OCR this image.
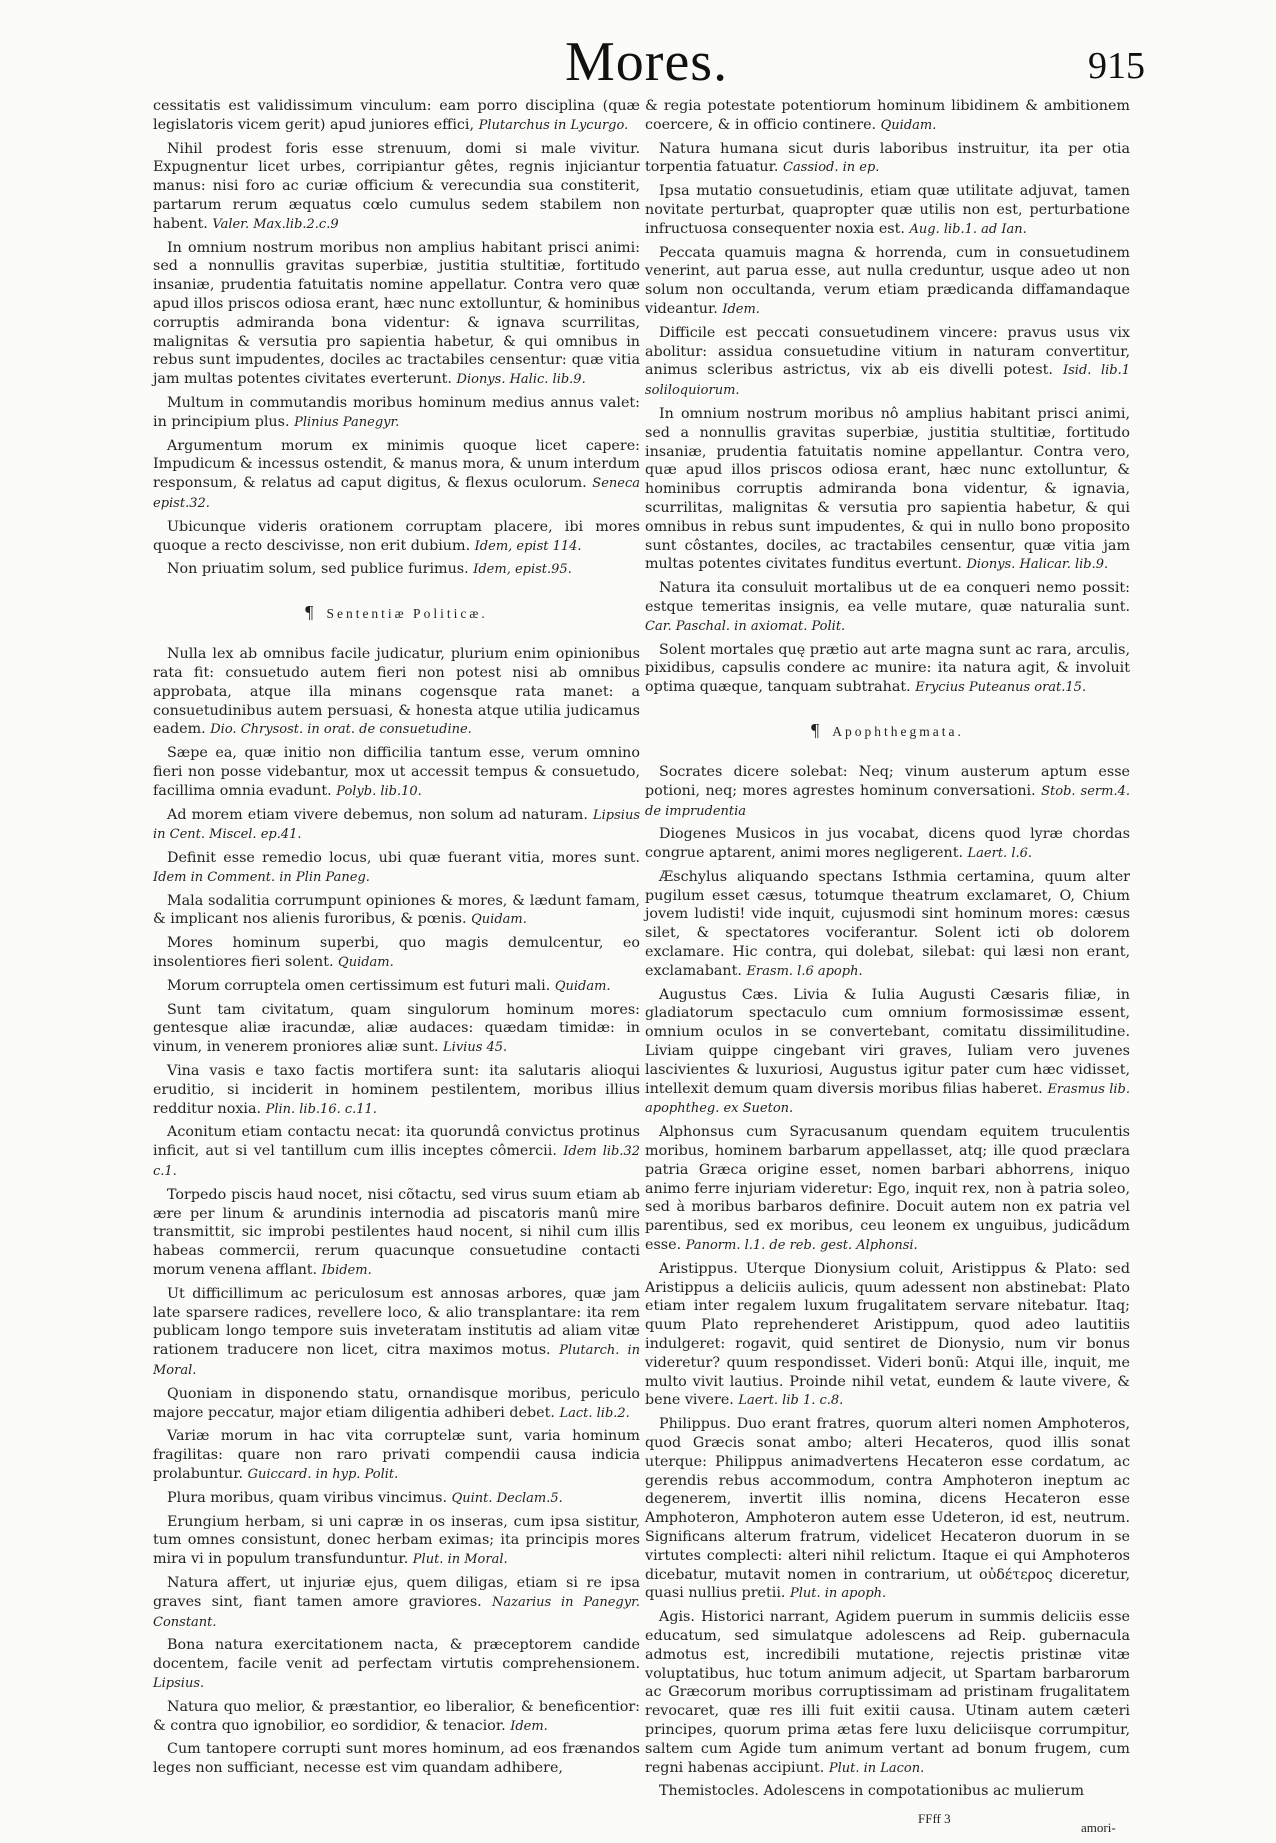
Mores.	915

cessitatis est validissimum vinculum: eam porro disciplina (quæ legislatoris vicem gerit) apud juniores effici, Plutarchus in Lycurgo.

Nihil prodest foris esse strenuum, domi si male vivitur. Expugnentur licet urbes, corripiantur gêtes, regnis injiciantur manus: nisi foro ac curiæ officium & verecundia sua constiterit, partarum rerum æquatus cœlo cumulus sedem stabilem non habent. Valer. Max.lib.2.c.9

In omnium nostrum moribus non amplius habitant prisci animi: sed a nonnullis gravitas superbiæ, justitia stultitiæ, fortitudo insaniæ, prudentia fatuitatis nomine appellatur. Contra vero quæ apud illos priscos odiosa erant, hæc nunc extolluntur, & hominibus corruptis admiranda bona videntur: & ignava scurrilitas, malignitas & versutia pro sapientia habetur, & qui omnibus in rebus sunt impudentes, dociles ac tractabiles censentur: quæ vitia jam multas potentes civitates everterunt. Dionys. Halic. lib.9.

Multum in commutandis moribus hominum medius annus valet: in principium plus. Plinius Panegyr.

Argumentum morum ex minimis quoque licet capere: Impudicum & incessus ostendit, & manus mora, & unum interdum responsum, & relatus ad caput digitus, & flexus oculorum. Seneca epist.32.

Ubicunque videris orationem corruptam placere, ibi mores quoque a recto descivisse, non erit dubium. Idem, epist 114.

Non priuatim solum, sed publice furimus. Idem, epist.95.

¶ Sententiæ Politicæ.

Nulla lex ab omnibus facile judicatur, plurium enim opinionibus rata fit: consuetudo autem fieri non potest nisi ab omnibus approbata, atque illa minans cogensque rata manet: a consuetudinibus autem persuasi, & honesta atque utilia judicamus eadem. Dio. Chrysost. in orat. de consuetudine.

Sæpe ea, quæ initio non difficilia tantum esse, verum omnino fieri non posse videbantur, mox ut accessit tempus & consuetudo, facillima omnia evadunt. Polyb. lib.10.

Ad morem etiam vivere debemus, non solum ad naturam. Lipsius in Cent. Miscel. ep.41.

Definit esse remedio locus, ubi quæ fuerant vitia, mores sunt. Idem in Comment. in Plin Paneg.

Mala sodalitia corrumpunt opiniones & mores, & lædunt famam, & implicant nos alienis furoribus, & pœnis. Quidam.

Mores hominum superbi, quo magis demulcentur, eo insolentiores fieri solent. Quidam.

Morum corruptela omen certissimum est futuri mali. Quidam.

Sunt tam civitatum, quam singulorum hominum mores: gentesque aliæ iracundæ, aliæ audaces: quædam timidæ: in vinum, in venerem proniores aliæ sunt. Livius 45.

Vina vasis e taxo factis mortifera sunt: ita salutaris alioqui eruditio, si inciderit in hominem pestilentem, moribus illius redditur noxia. Plin. lib.16. c.11.

Aconitum etiam contactu necat: ita quorundâ convictus protinus inficit, aut si vel tantillum cum illis inceptes cômercii. Idem lib.32 c.1.

Torpedo piscis haud nocet, nisi cõtactu, sed virus suum etiam ab ære per linum & arundinis internodia ad piscatoris manû mire transmittit, sic improbi pestilentes haud nocent, si nihil cum illis habeas commercii, rerum quacunque consuetudine contacti morum venena afflant. Ibidem.

Ut difficillimum ac periculosum est annosas arbores, quæ jam late sparsere radices, revellere loco, & alio transplantare: ita rem publicam longo tempore suis inveteratam institutis ad aliam vitæ rationem traducere non licet, citra maximos motus. Plutarch. in Moral.

Quoniam in disponendo statu, ornandisque moribus, periculo majore peccatur, major etiam diligentia adhiberi debet. Lact. lib.2.

Variæ morum in hac vita corruptelæ sunt, varia hominum fragilitas: quare non raro privati compendii causa indicia prolabuntur. Guiccard. in hyp. Polit.

Plura moribus, quam viribus vincimus. Quint. Declam.5.

Erungium herbam, si uni capræ in os inseras, cum ipsa sistitur, tum omnes consistunt, donec herbam eximas; ita principis mores mira vi in populum transfunduntur. Plut. in Moral.

Natura affert, ut injuriæ ejus, quem diligas, etiam si re ipsa graves sint, fiant tamen amore graviores. Nazarius in Panegyr. Constant.

Bona natura exercitationem nacta, & præceptorem candide docentem, facile venit ad perfectam virtutis comprehensionem. Lipsius.

Natura quo melior, & præstantior, eo liberalior, & beneficentior: & contra quo ignobilior, eo sordidior, & tenacior. Idem.

Cum tantopere corrupti sunt mores hominum, ad eos frænandos leges non sufficiant, necesse est vim quandam adhibere,

& regia potestate potentiorum hominum libidinem & ambitionem coercere, & in officio continere. Quidam.

Natura humana sicut duris laboribus instruitur, ita per otia torpentia fatuatur. Cassiod. in ep.

Ipsa mutatio consuetudinis, etiam quæ utilitate adjuvat, tamen novitate perturbat, quapropter quæ utilis non est, perturbatione infructuosa consequenter noxia est. Aug. lib.1. ad Ian.

Peccata quamuis magna & horrenda, cum in consuetudinem venerint, aut parua esse, aut nulla creduntur, usque adeo ut non solum non occultanda, verum etiam prædicanda diffamandaque videantur. Idem.

Difficile est peccati consuetudinem vincere: pravus usus vix abolitur: assidua consuetudine vitium in naturam convertitur, animus scleribus astrictus, vix ab eis divelli potest. Isid. lib.1 soliloquiorum.

In omnium nostrum moribus nô amplius habitant prisci animi, sed a nonnullis gravitas superbiæ, justitia stultitiæ, fortitudo insaniæ, prudentia fatuitatis nomine appellantur. Contra vero, quæ apud illos priscos odiosa erant, hæc nunc extolluntur, & hominibus corruptis admiranda bona videntur, & ignavia, scurrilitas, malignitas & versutia pro sapientia habetur, & qui omnibus in rebus sunt impudentes, & qui in nullo bono proposito sunt côstantes, dociles, ac tractabiles censentur, quæ vitia jam multas potentes civitates funditus evertunt. Dionys. Halicar. lib.9.

Natura ita consuluit mortalibus ut de ea conqueri nemo possit: estque temeritas insignis, ea velle mutare, quæ naturalia sunt. Car. Paschal. in axiomat. Polit.

Solent mortales quę prætio aut arte magna sunt ac rara, arculis, pixidibus, capsulis condere ac munire: ita natura agit, & involuit optima quæque, tanquam subtrahat. Erycius Puteanus orat.15.

¶ Apophthegmata.

Socrates dicere solebat: Neq; vinum austerum aptum esse potioni, neq; mores agrestes hominum conversationi. Stob. serm.4. de imprudentia

Diogenes Musicos in jus vocabat, dicens quod lyræ chordas congrue aptarent, animi mores negligerent. Laert. l.6.

Æschylus aliquando spectans Isthmia certamina, quum alter pugilum esset cæsus, totumque theatrum exclamaret, O, Chium jovem ludisti! vide inquit, cujusmodi sint hominum mores: cæsus silet, & spectatores vociferantur. Solent icti ob dolorem exclamare. Hic contra, qui dolebat, silebat: qui læsi non erant, exclamabant. Erasm. l.6 apoph.

Augustus Cæs. Livia & Iulia Augusti Cæsaris filiæ, in gladiatorum spectaculo cum omnium formosissimæ essent, omnium oculos in se convertebant, comitatu dissimilitudine. Liviam quippe cingebant viri graves, Iuliam vero juvenes lascivientes & luxuriosi, Augustus igitur pater cum hæc vidisset, intellexit demum quam diversis moribus filias haberet. Erasmus lib. apophtheg. ex Sueton.

Alphonsus cum Syracusanum quendam equitem truculentis moribus, hominem barbarum appellasset, atq; ille quod præclara patria Græca origine esset, nomen barbari abhorrens, iniquo animo ferre injuriam videretur: Ego, inquit rex, non à patria soleo, sed à moribus barbaros definire. Docuit autem non ex patria vel parentibus, sed ex moribus, ceu leonem ex unguibus, judicãdum esse. Panorm. l.1. de reb. gest. Alphonsi.

Aristippus. Uterque Dionysium coluit, Aristippus & Plato: sed Aristippus a deliciis aulicis, quum adessent non abstinebat: Plato etiam inter regalem luxum frugalitatem servare nitebatur. Itaq; quum Plato reprehenderet Aristippum, quod adeo lautitiis indulgeret: rogavit, quid sentiret de Dionysio, num vir bonus videretur? quum respondisset. Videri bonũ: Atqui ille, inquit, me multo vivit lautius. Proinde nihil vetat, eundem & laute vivere, & bene vivere. Laert. lib 1. c.8.

Philippus. Duo erant fratres, quorum alteri nomen Amphoteros, quod Græcis sonat ambo; alteri Hecateros, quod illis sonat uterque: Philippus animadvertens Hecateron esse cordatum, ac gerendis rebus accommodum, contra Amphoteron ineptum ac degenerem, invertit illis nomina, dicens Hecateron esse Amphoteron, Amphoteron autem esse Udeteron, id est, neutrum. Significans alterum fratrum, videlicet Hecateron duorum in se virtutes complecti: alteri nihil relictum. Itaque ei qui Amphoteros dicebatur, mutavit nomen in contrarium, ut οὐδέτερος diceretur, quasi nullius pretii. Plut. in apoph.

Agis. Historici narrant, Agidem puerum in summis deliciis esse educatum, sed simulatque adolescens ad Reip. gubernacula admotus est, incredibili mutatione, rejectis pristinæ vitæ voluptatibus, huc totum animum adjecit, ut Spartam barbarorum ac Græcorum moribus corruptissimam ad pristinam frugalitatem revocaret, quæ res illi fuit exitii causa. Utinam autem cæteri principes, quorum prima ætas fere luxu deliciisque corrumpitur, saltem cum Agide tum animum vertant ad bonum frugem, cum regni habenas accipiunt. Plut. in Lacon.

Themistocles. Adolescens in compotationibus ac mulierum

FFff 3
amori-
